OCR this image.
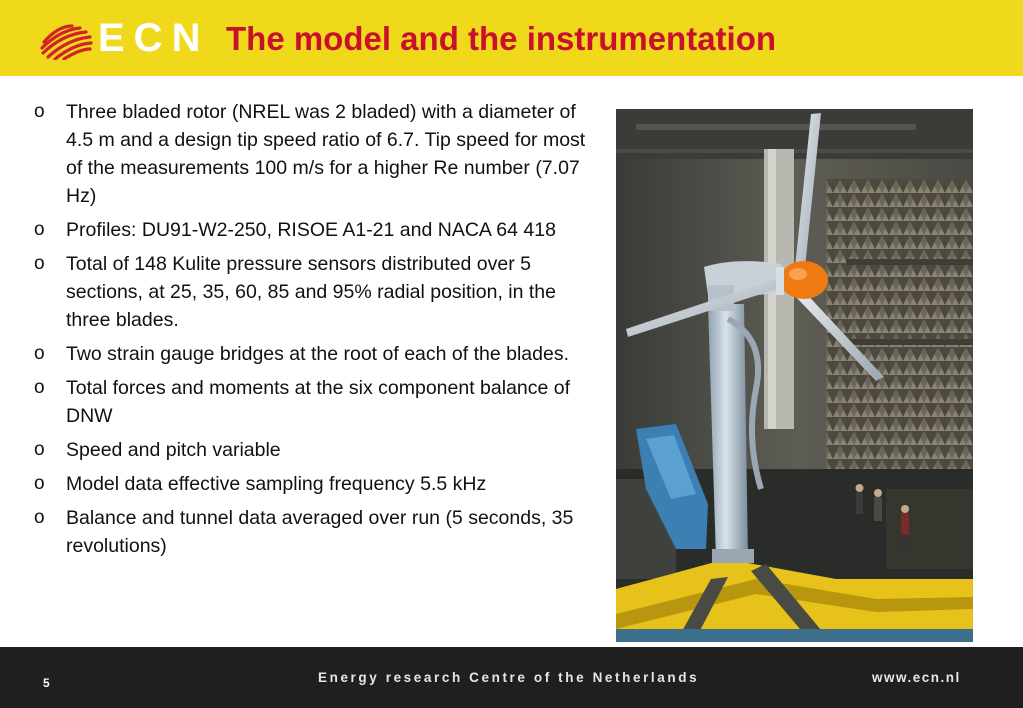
ECN The model and the instrumentation
o Three bladed rotor (NREL was 2 bladed) with a diameter of 4.5 m and a design tip speed ratio of 6.7. Tip speed for most of the measurements 100 m/s for a higher Re number (7.07 Hz)
o Profiles: DU91-W2-250, RISOE A1-21 and NACA 64 418
o Total of 148 Kulite pressure sensors distributed over 5 sections, at 25, 35, 60, 85 and 95% radial position, in the three blades.
o Two strain gauge bridges at the root of each of the blades.
o Total forces and moments at the six component balance of DNW
o Speed and pitch variable
o Model data effective sampling frequency 5.5 kHz
o Balance and tunnel data averaged over run (5 seconds, 35 revolutions)
5	Energy research Centre of the Netherlands	www.ecn.nl
